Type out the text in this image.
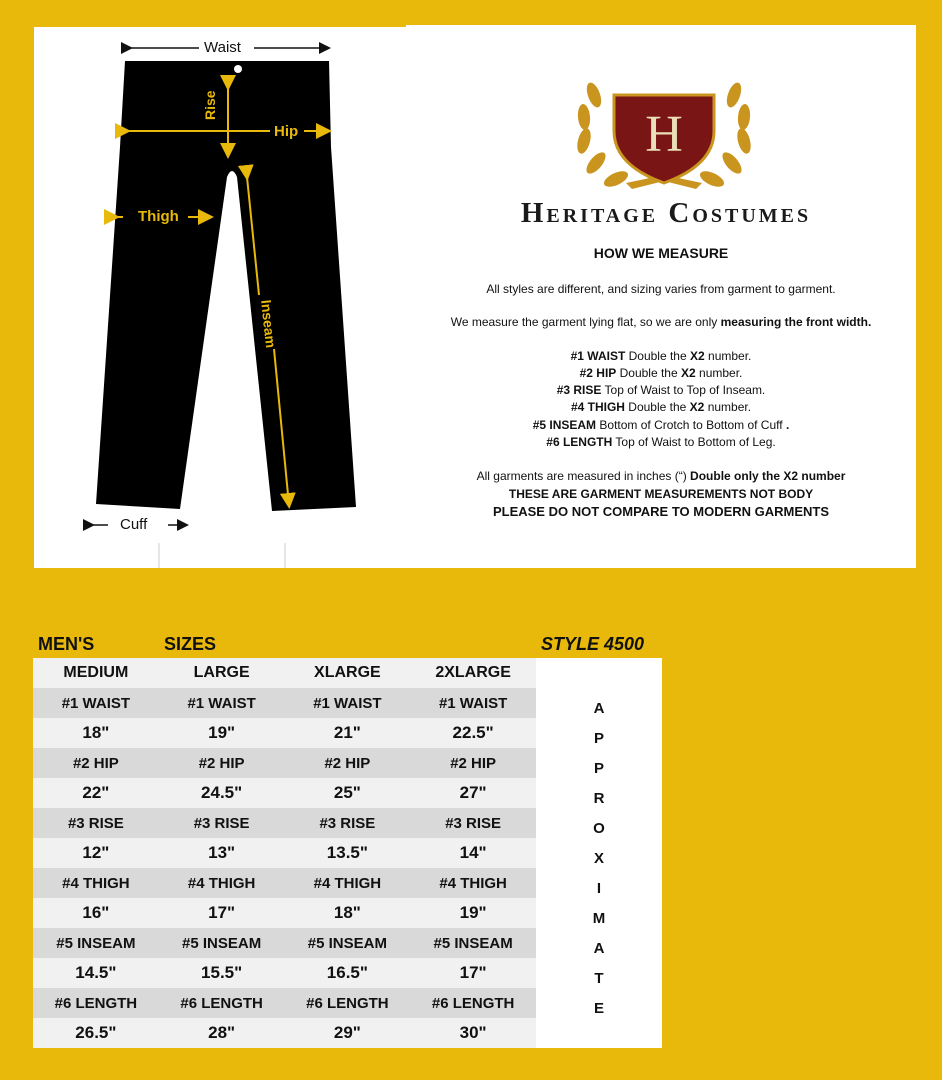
Waist
Rise
Hip
Thigh
Inseam
Cuff
H
Heritage Costumes
HOW WE MEASURE

All styles are different, and sizing varies from garment to garment.

We measure the garment lying flat, so we are only measuring the front width.

#1 WAIST Double the X2 number.
#2 HIP Double the X2 number.
#3 RISE Top of Waist to Top of Inseam.
#4 THIGH Double the X2 number.
#5 INSEAM Bottom of Crotch to Bottom of Cuff .
#6 LENGTH Top of Waist to Bottom of Leg.
All garments are measured in inches (“) Double only the X2 number
THESE ARE GARMENT MEASUREMENTS NOT BODY
PLEASE DO NOT COMPARE TO MODERN GARMENTS
MEN'S	SIZES	STYLE 4500
MEDIUM	LARGE	XLARGE	2XLARGE
#1 WAIST	#1 WAIST	#1 WAIST	#1 WAIST
18"	19"	21"	22.5"
#2 HIP	#2 HIP	#2 HIP	#2 HIP
22"	24.5"	25"	27"
#3 RISE	#3 RISE	#3 RISE	#3 RISE
12"	13"	13.5"	14"
#4 THIGH	#4 THIGH	#4 THIGH	#4 THIGH
16"	17"	18"	19"
#5 INSEAM	#5 INSEAM	#5 INSEAM	#5 INSEAM
14.5"	15.5"	16.5"	17"
#6 LENGTH	#6 LENGTH	#6 LENGTH	#6 LENGTH
26.5"	28"	29"	30"
A
P
P
R
O
X
I
M
A
T
E
